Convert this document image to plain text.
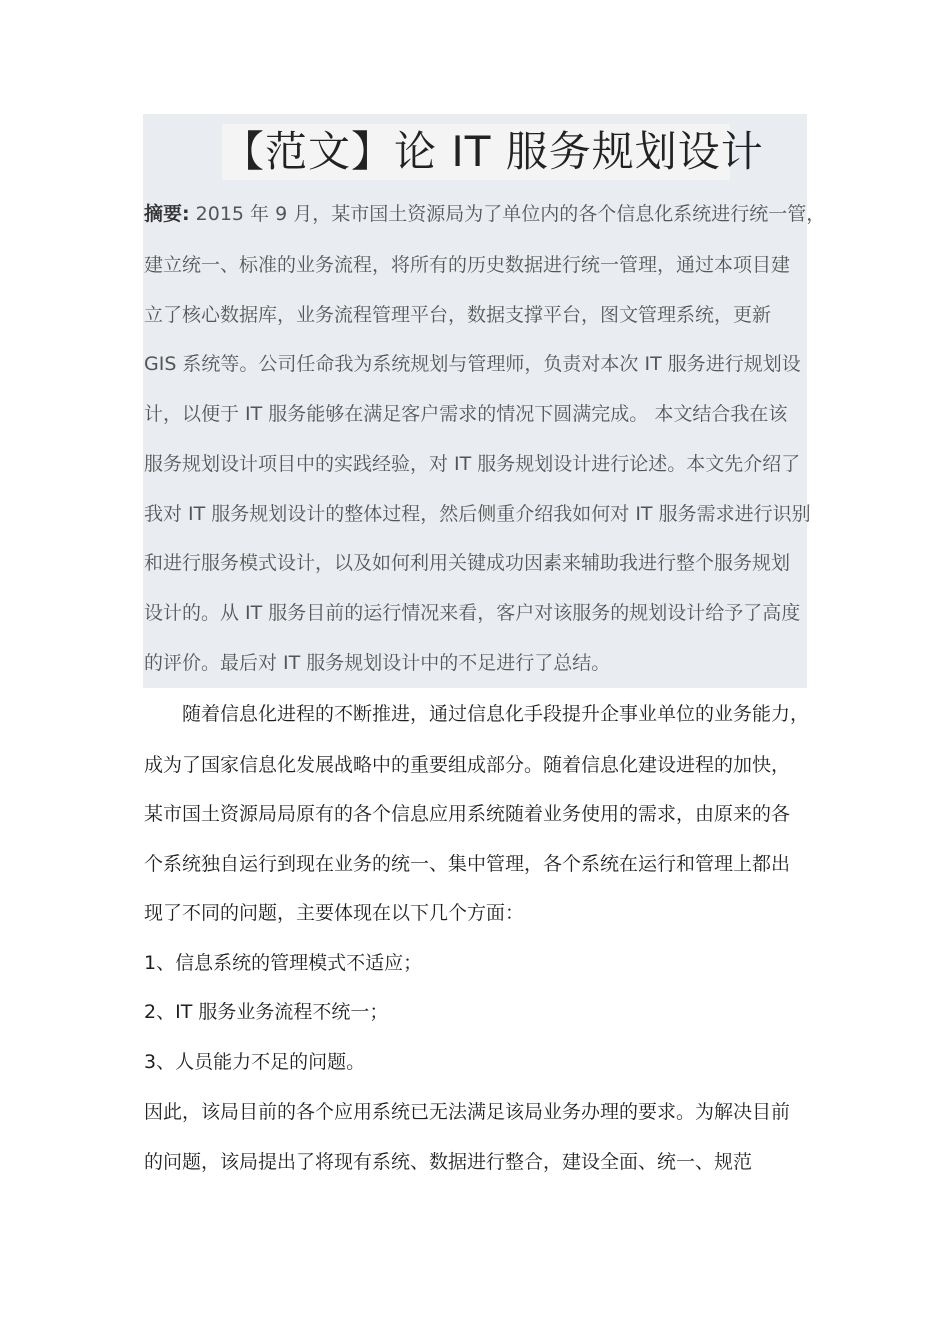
【范文】论 IT 服务规划设计
摘要: 2015 年 9 月，某市国土资源局为了单位内的各个信息化系统进行统一管，
建立统一、标准的业务流程，将所有的历史数据进行统一管理，通过本项目建
立了核心数据库，业务流程管理平台，数据支撑平台，图文管理系统，更新
GIS 系统等。公司任命我为系统规划与管理师，负责对本次 IT 服务进行规划设
计，以便于 IT 服务能够在满足客户需求的情况下圆满完成。 本文结合我在该
服务规划设计项目中的实践经验，对 IT 服务规划设计进行论述。本文先介绍了
我对 IT 服务规划设计的整体过程，然后侧重介绍我如何对 IT 服务需求进行识别
和进行服务模式设计，以及如何利用关键成功因素来辅助我进行整个服务规划
设计的。从 IT 服务目前的运行情况来看，客户对该服务的规划设计给予了高度
的评价。最后对 IT 服务规划设计中的不足进行了总结。
　　随着信息化进程的不断推进，通过信息化手段提升企事业单位的业务能力，
成为了国家信息化发展战略中的重要组成部分。随着信息化建设进程的加快，
某市国土资源局局原有的各个信息应用系统随着业务使用的需求，由原来的各
个系统独自运行到现在业务的统一、集中管理，各个系统在运行和管理上都出
现了不同的问题，主要体现在以下几个方面：
1、信息系统的管理模式不适应；
2、IT 服务业务流程不统一；
3、人员能力不足的问题。
因此，该局目前的各个应用系统已无法满足该局业务办理的要求。为解决目前
的问题，该局提出了将现有系统、数据进行整合，建设全面、统一、规范
